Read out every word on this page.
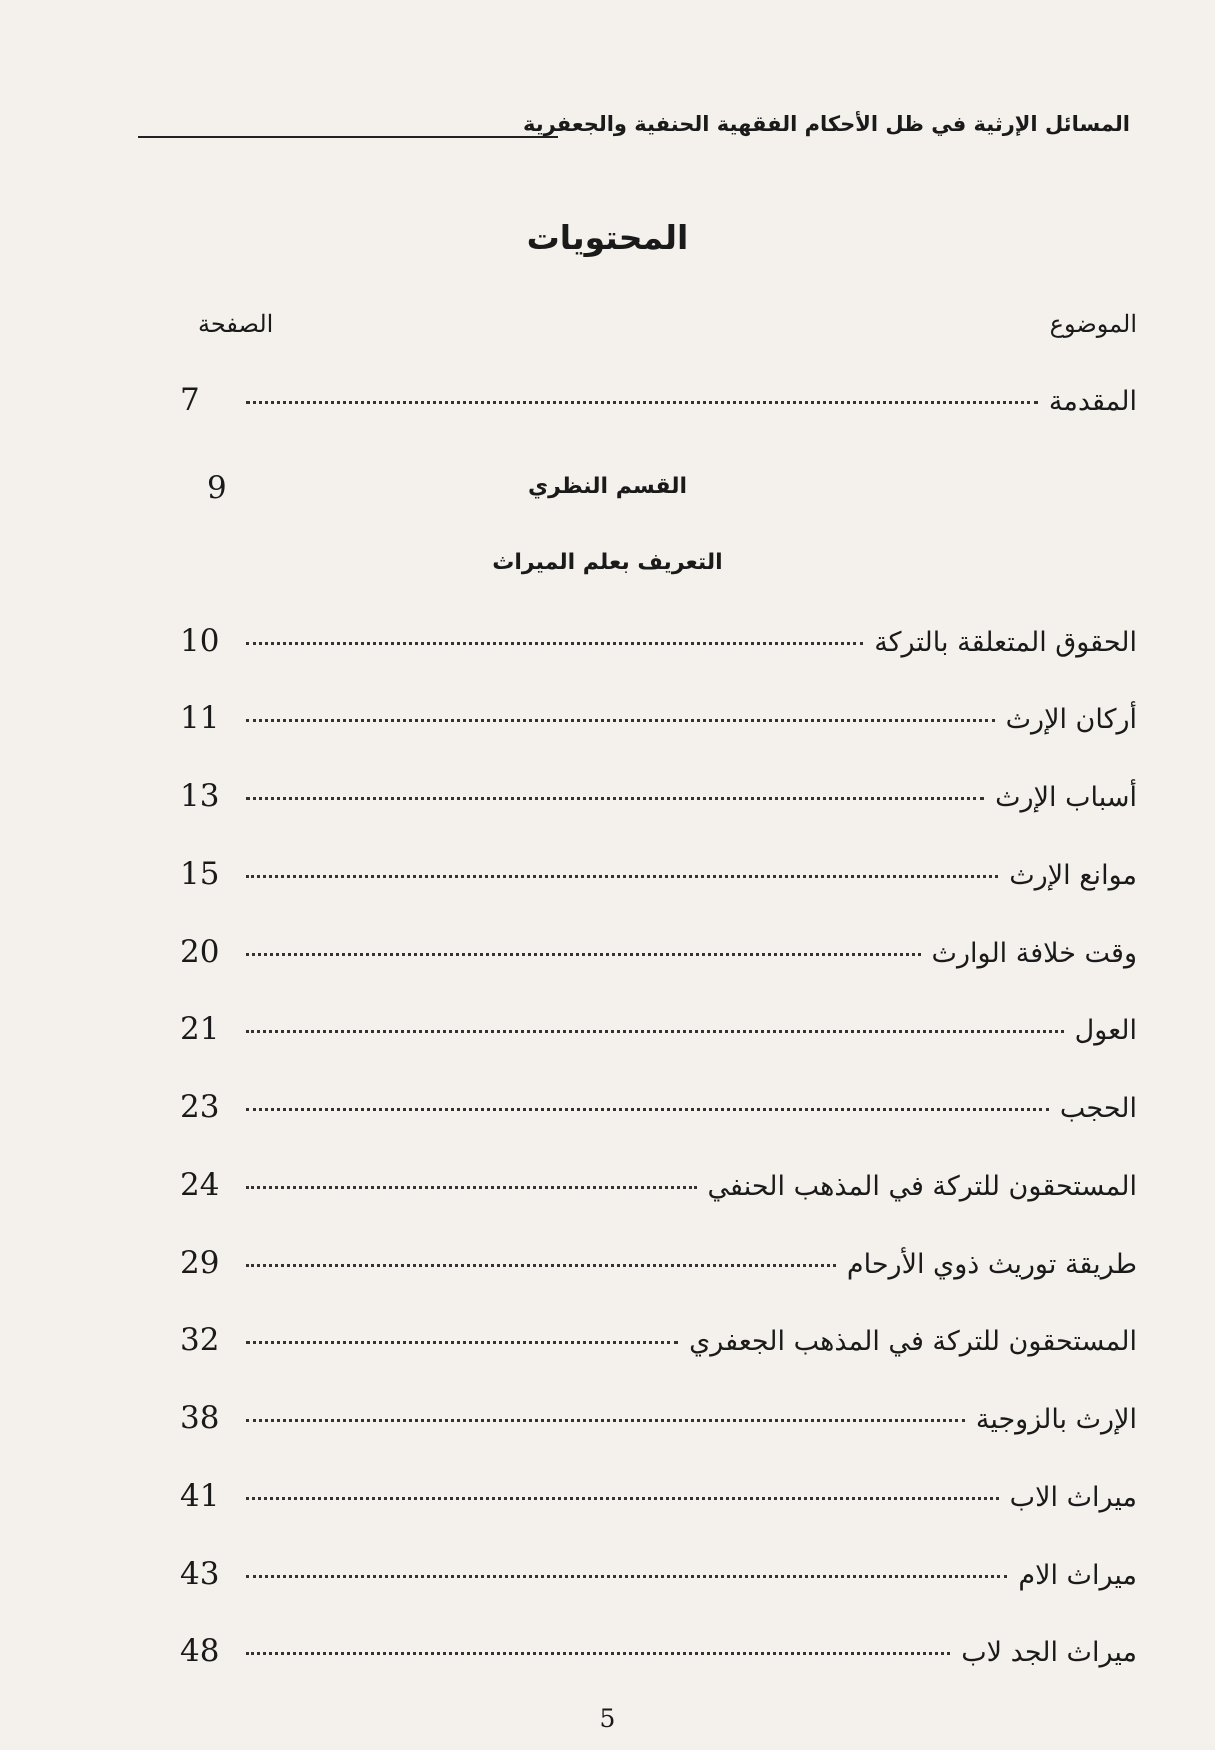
المسائل الإرثية في ظل الأحكام الفقهية الحنفية والجعفرية
المحتويات
الموضوع
الصفحة
المقدمة
7
القسم النظري
9
التعريف بعلم الميراث
الحقوق المتعلقة بالتركة
10
أركان الإرث
11
أسباب الإرث
13
موانع الإرث
15
وقت خلافة الوارث
20
العول
21
الحجب
23
المستحقون للتركة في المذهب الحنفي
24
طريقة توريث ذوي الأرحام
29
المستحقون للتركة في المذهب الجعفري
32
الإرث بالزوجية
38
ميراث الاب
41
ميراث الام
43
ميراث الجد لاب
48
5
